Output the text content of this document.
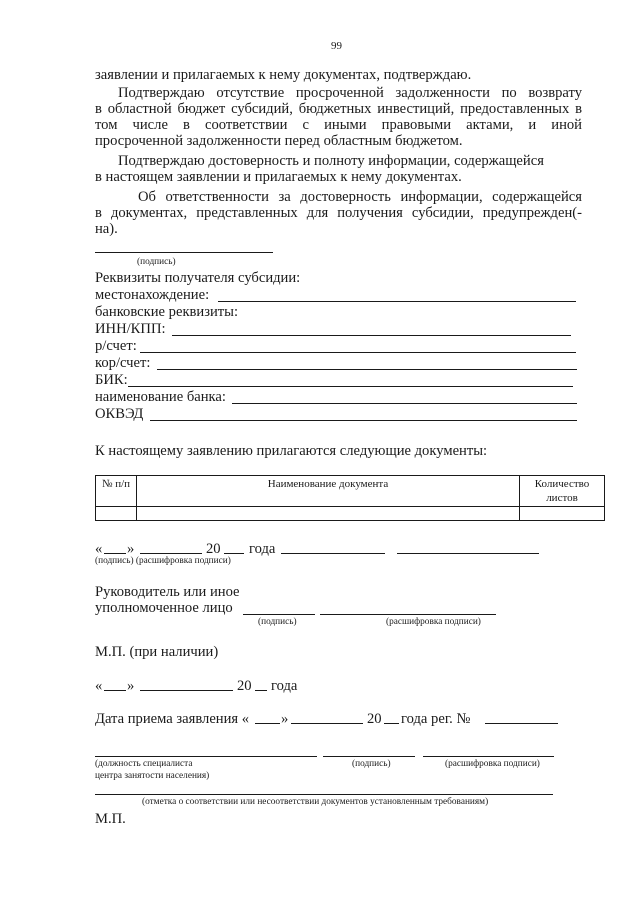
99
заявлении и прилагаемых к нему документах, подтверждаю.
Подтверждаю отсутствие просроченной задолженности по возврату
в областной бюджет субсидий, бюджетных инвестиций, предоставленных в
том числе в соответствии с иными правовыми актами, и иной
просроченной задолженности перед областным бюджетом.
Подтверждаю достоверность и полноту информации, содержащейся
в настоящем заявлении и прилагаемых к нему документах.
Об ответственности за достоверность информации, содержащейся
в документах, представленных для получения субсидии, предупрежден(-
на).
(подпись)
Реквизиты получателя субсидии:
местонахождение:
банковские реквизиты:
ИНН/КПП:
р/счет:
кор/счет:
БИК:
наименование банка:
ОКВЭД
К настоящему заявлению прилагаются следующие документы:
№ п/п	Наименование документа	Количество листов

« »	20 года
(подпись) (расшифровка подписи)
Руководитель или иное
уполномоченное лицо
(подпись)	(расшифровка подписи)
М.П. (при наличии)
« »	20 года
Дата приема заявления « »	20 года рег. №
(должность специалиста
центра занятости населения)
(подпись)	(расшифровка подписи)
(отметка о соответствии или несоответствии документов установленным требованиям)
М.П.
